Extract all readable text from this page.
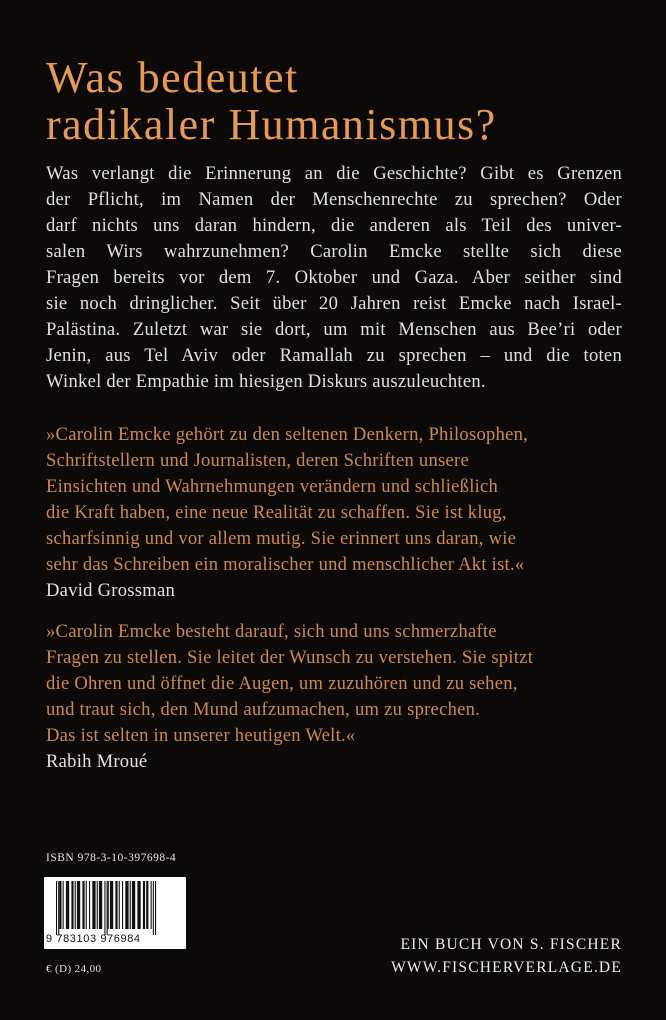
Was bedeutet
radikaler Humanismus?
Was verlangt die Erinnerung an die Geschichte? Gibt es Grenzen
der Pflicht, im Namen der Menschenrechte zu sprechen? Oder
darf nichts uns daran hindern, die anderen als Teil des univer-
salen Wirs wahrzunehmen? Carolin Emcke stellte sich diese
Fragen bereits vor dem 7. Oktober und Gaza. Aber seither sind
sie noch dringlicher. Seit über 20 Jahren reist Emcke nach Israel-
Palästina. Zuletzt war sie dort, um mit Menschen aus Bee’ri oder
Jenin, aus Tel Aviv oder Ramallah zu sprechen – und die toten
Winkel der Empathie im hiesigen Diskurs auszuleuchten.
»Carolin Emcke gehört zu den seltenen Denkern, Philosophen,
Schriftstellern und Journalisten, deren Schriften unsere
Einsichten und Wahrnehmungen verändern und schließlich
die Kraft haben, eine neue Realität zu schaffen. Sie ist klug,
scharfsinnig und vor allem mutig. Sie erinnert uns daran, wie
sehr das Schreiben ein moralischer und menschlicher Akt ist.«
David Grossman
»Carolin Emcke besteht darauf, sich und uns schmerzhafte
Fragen zu stellen. Sie leitet der Wunsch zu verstehen. Sie spitzt
die Ohren und öffnet die Augen, um zuzuhören und zu sehen,
und traut sich, den Mund aufzumachen, um zu sprechen.
Das ist selten in unserer heutigen Welt.«
Rabih Mroué
ISBN 978-3-10-397698-4
9 783103 976984
€ (D) 24,00
EIN BUCH VON S. FISCHER
WWW.FISCHERVERLAGE.DE
